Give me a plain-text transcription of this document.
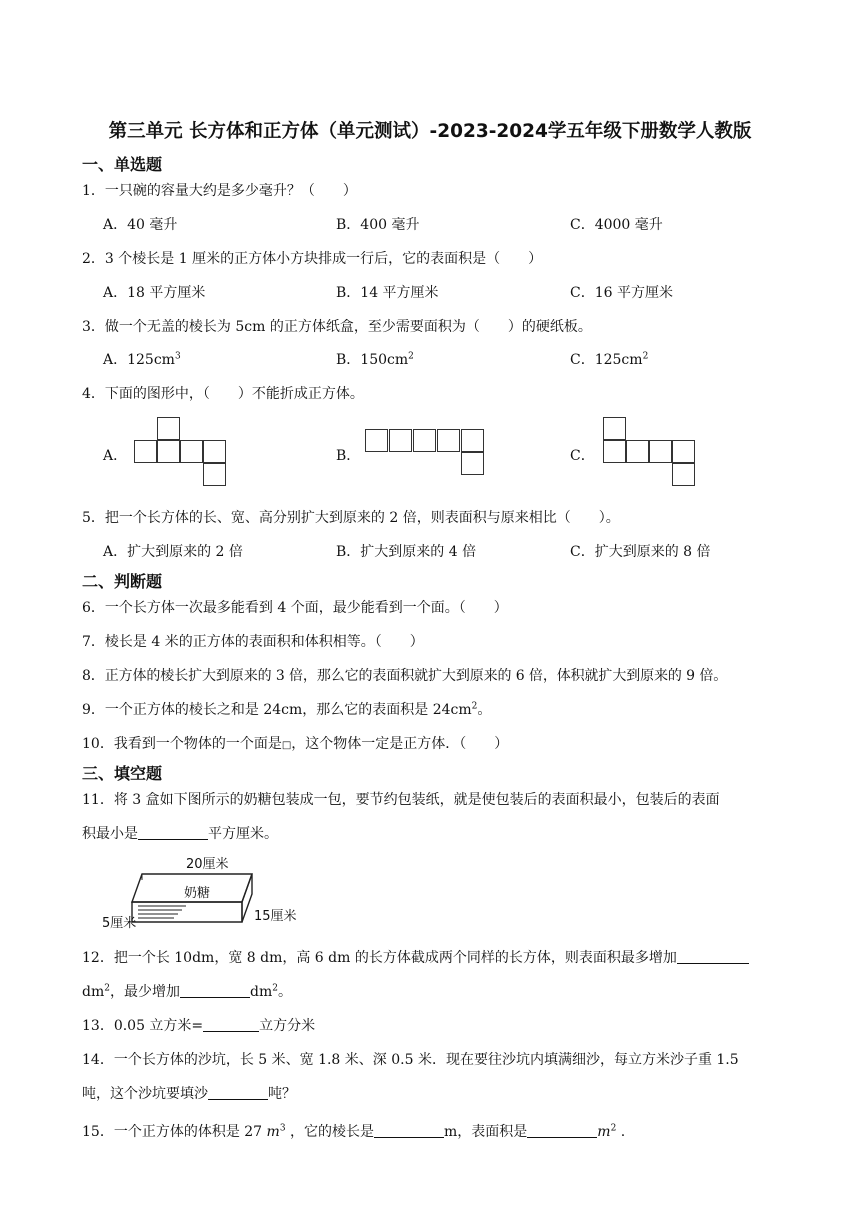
第三单元 长方体和正方体（单元测试）-2023-2024学五年级下册数学人教版
一、单选题
1．一只碗的容量大约是多少毫升？（　　）
A．40 毫升	B．400 毫升	C．4000 毫升
2．3 个棱长是 1 厘米的正方体小方块排成一行后，它的表面积是（　　）
A．18 平方厘米	B．14 平方厘米	C．16 平方厘米
3．做一个无盖的棱长为 5cm 的正方体纸盒，至少需要面积为（　　）的硬纸板。
A．$125cm^3$	B．$150cm^2$	C．$125cm^2$
4．下面的图形中，（　　）不能折成正方体。
A．	B．	C．
5．把一个长方体的长、宽、高分别扩大到原来的 2 倍，则表面积与原来相比（　　）。
A．扩大到原来的 2 倍	B．扩大到原来的 4 倍	C．扩大到原来的 8 倍
二、判断题
6．一个长方体一次最多能看到 4 个面，最少能看到一个面。（　　）
7．棱长是 4 米的正方体的表面积和体积相等。（　　）
8．正方体的棱长扩大到原来的 3 倍，那么它的表面积就扩大到原来的 6 倍，体积就扩大到原来的 9 倍。
9．一个正方体的棱长之和是 24cm，那么它的表面积是 $24cm^2$。
10．我看到一个物体的一个面是□，这个物体一定是正方体．（　　）
三、填空题
11．将 3 盒如下图所示的奶糖包装成一包，要节约包装纸，就是使包装后的表面积最小，包装后的表面
积最小是	平方厘米。
20厘米
奶糖
5厘米	15厘米
12．把一个长 10dm，宽 8 dm，高 6 dm 的长方体截成两个同样的长方体，则表面积最多增加
$dm^2$，最少增加	$dm^2$。
13．0.05 立方米=	立方分米
14．一个长方体的沙坑，长 5 米、宽 1.8 米、深 0.5 米．现在要往沙坑内填满细沙，每立方米沙子重 1.5
吨，这个沙坑要填沙	吨？
15．一个正方体的体积是 27 $m^3$ ，它的棱长是	m，表面积是	$m^2$ .
